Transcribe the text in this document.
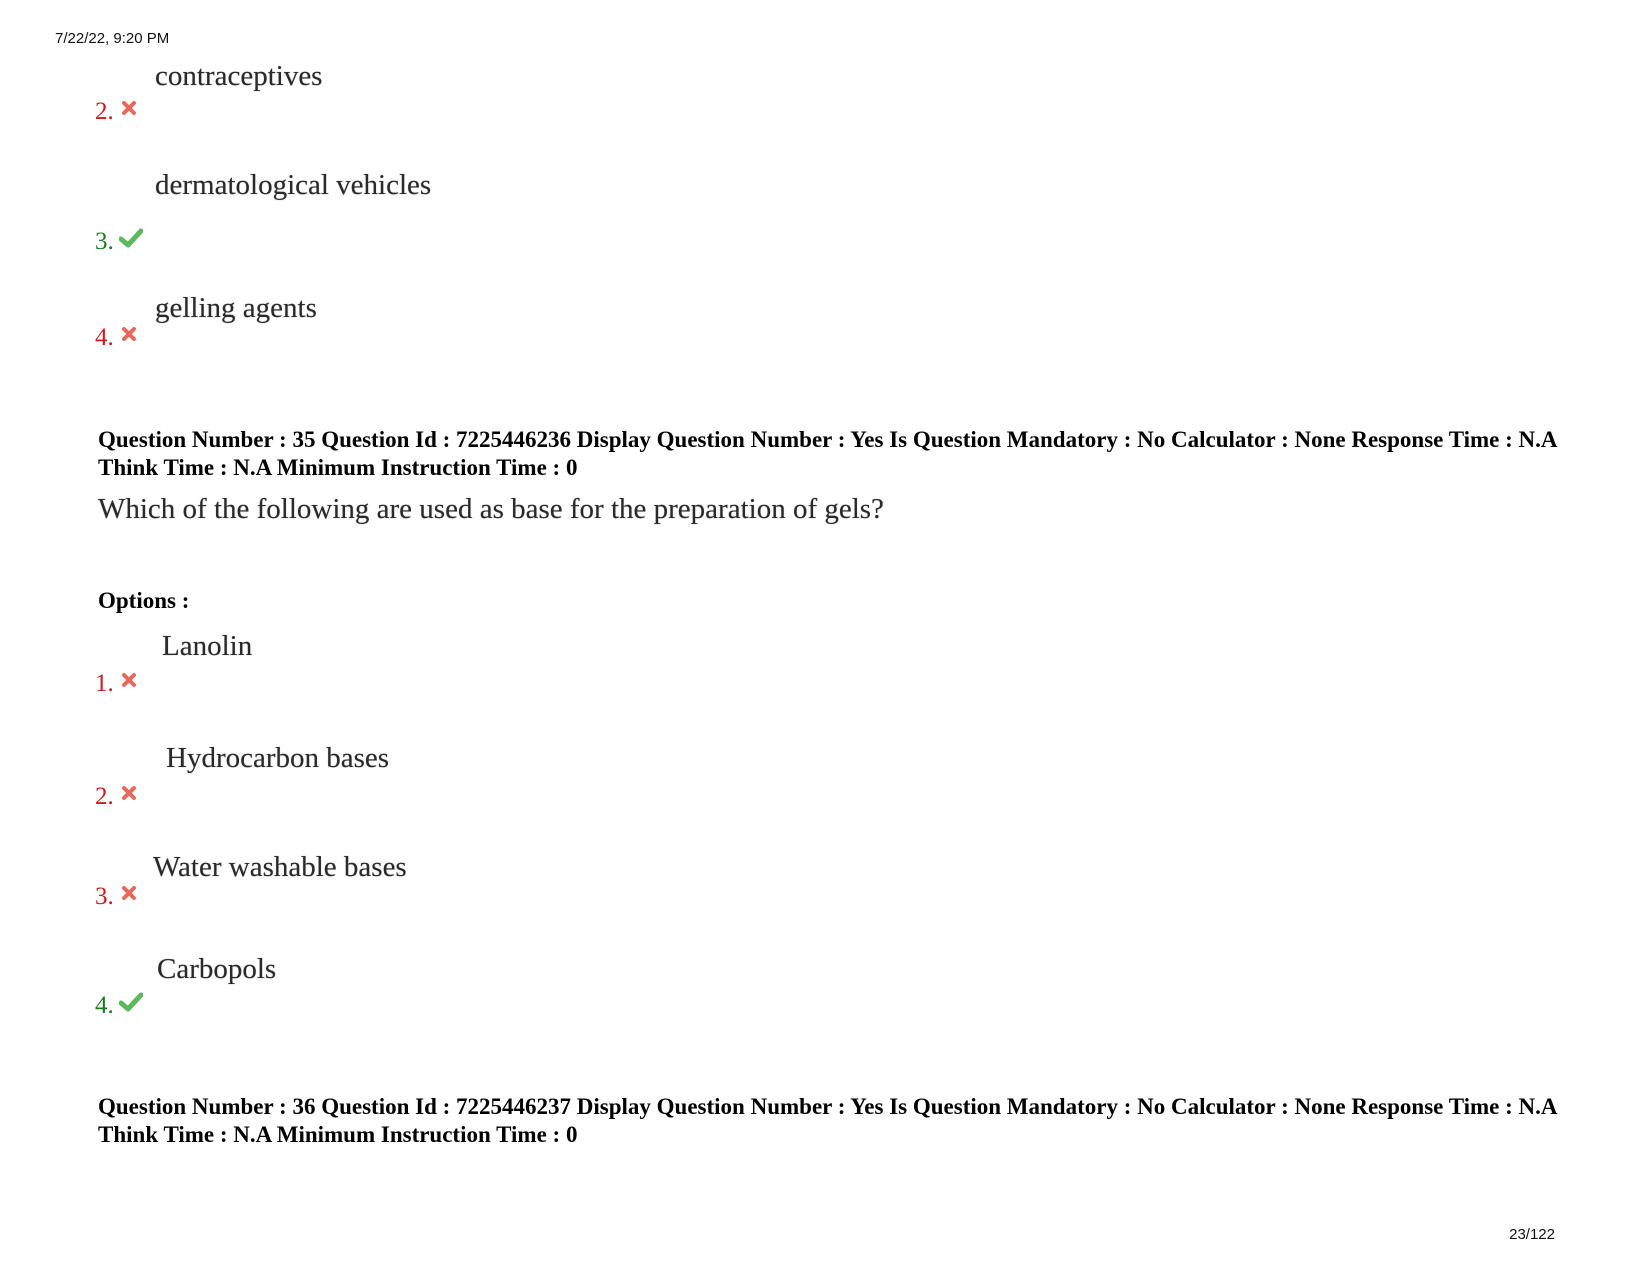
7/22/22, 9:20 PM
contraceptives
2.
dermatological vehicles
3.
gelling agents
4.
Question Number : 35 Question Id : 7225446236 Display Question Number : Yes Is Question Mandatory : No Calculator : None Response Time : N.A Think Time : N.A Minimum Instruction Time : 0
Which of the following are used as base for the preparation of gels?
Options :
Lanolin
1.
Hydrocarbon bases
2.
Water washable bases
3.
Carbopols
4.
Question Number : 36 Question Id : 7225446237 Display Question Number : Yes Is Question Mandatory : No Calculator : None Response Time : N.A Think Time : N.A Minimum Instruction Time : 0
23/122
